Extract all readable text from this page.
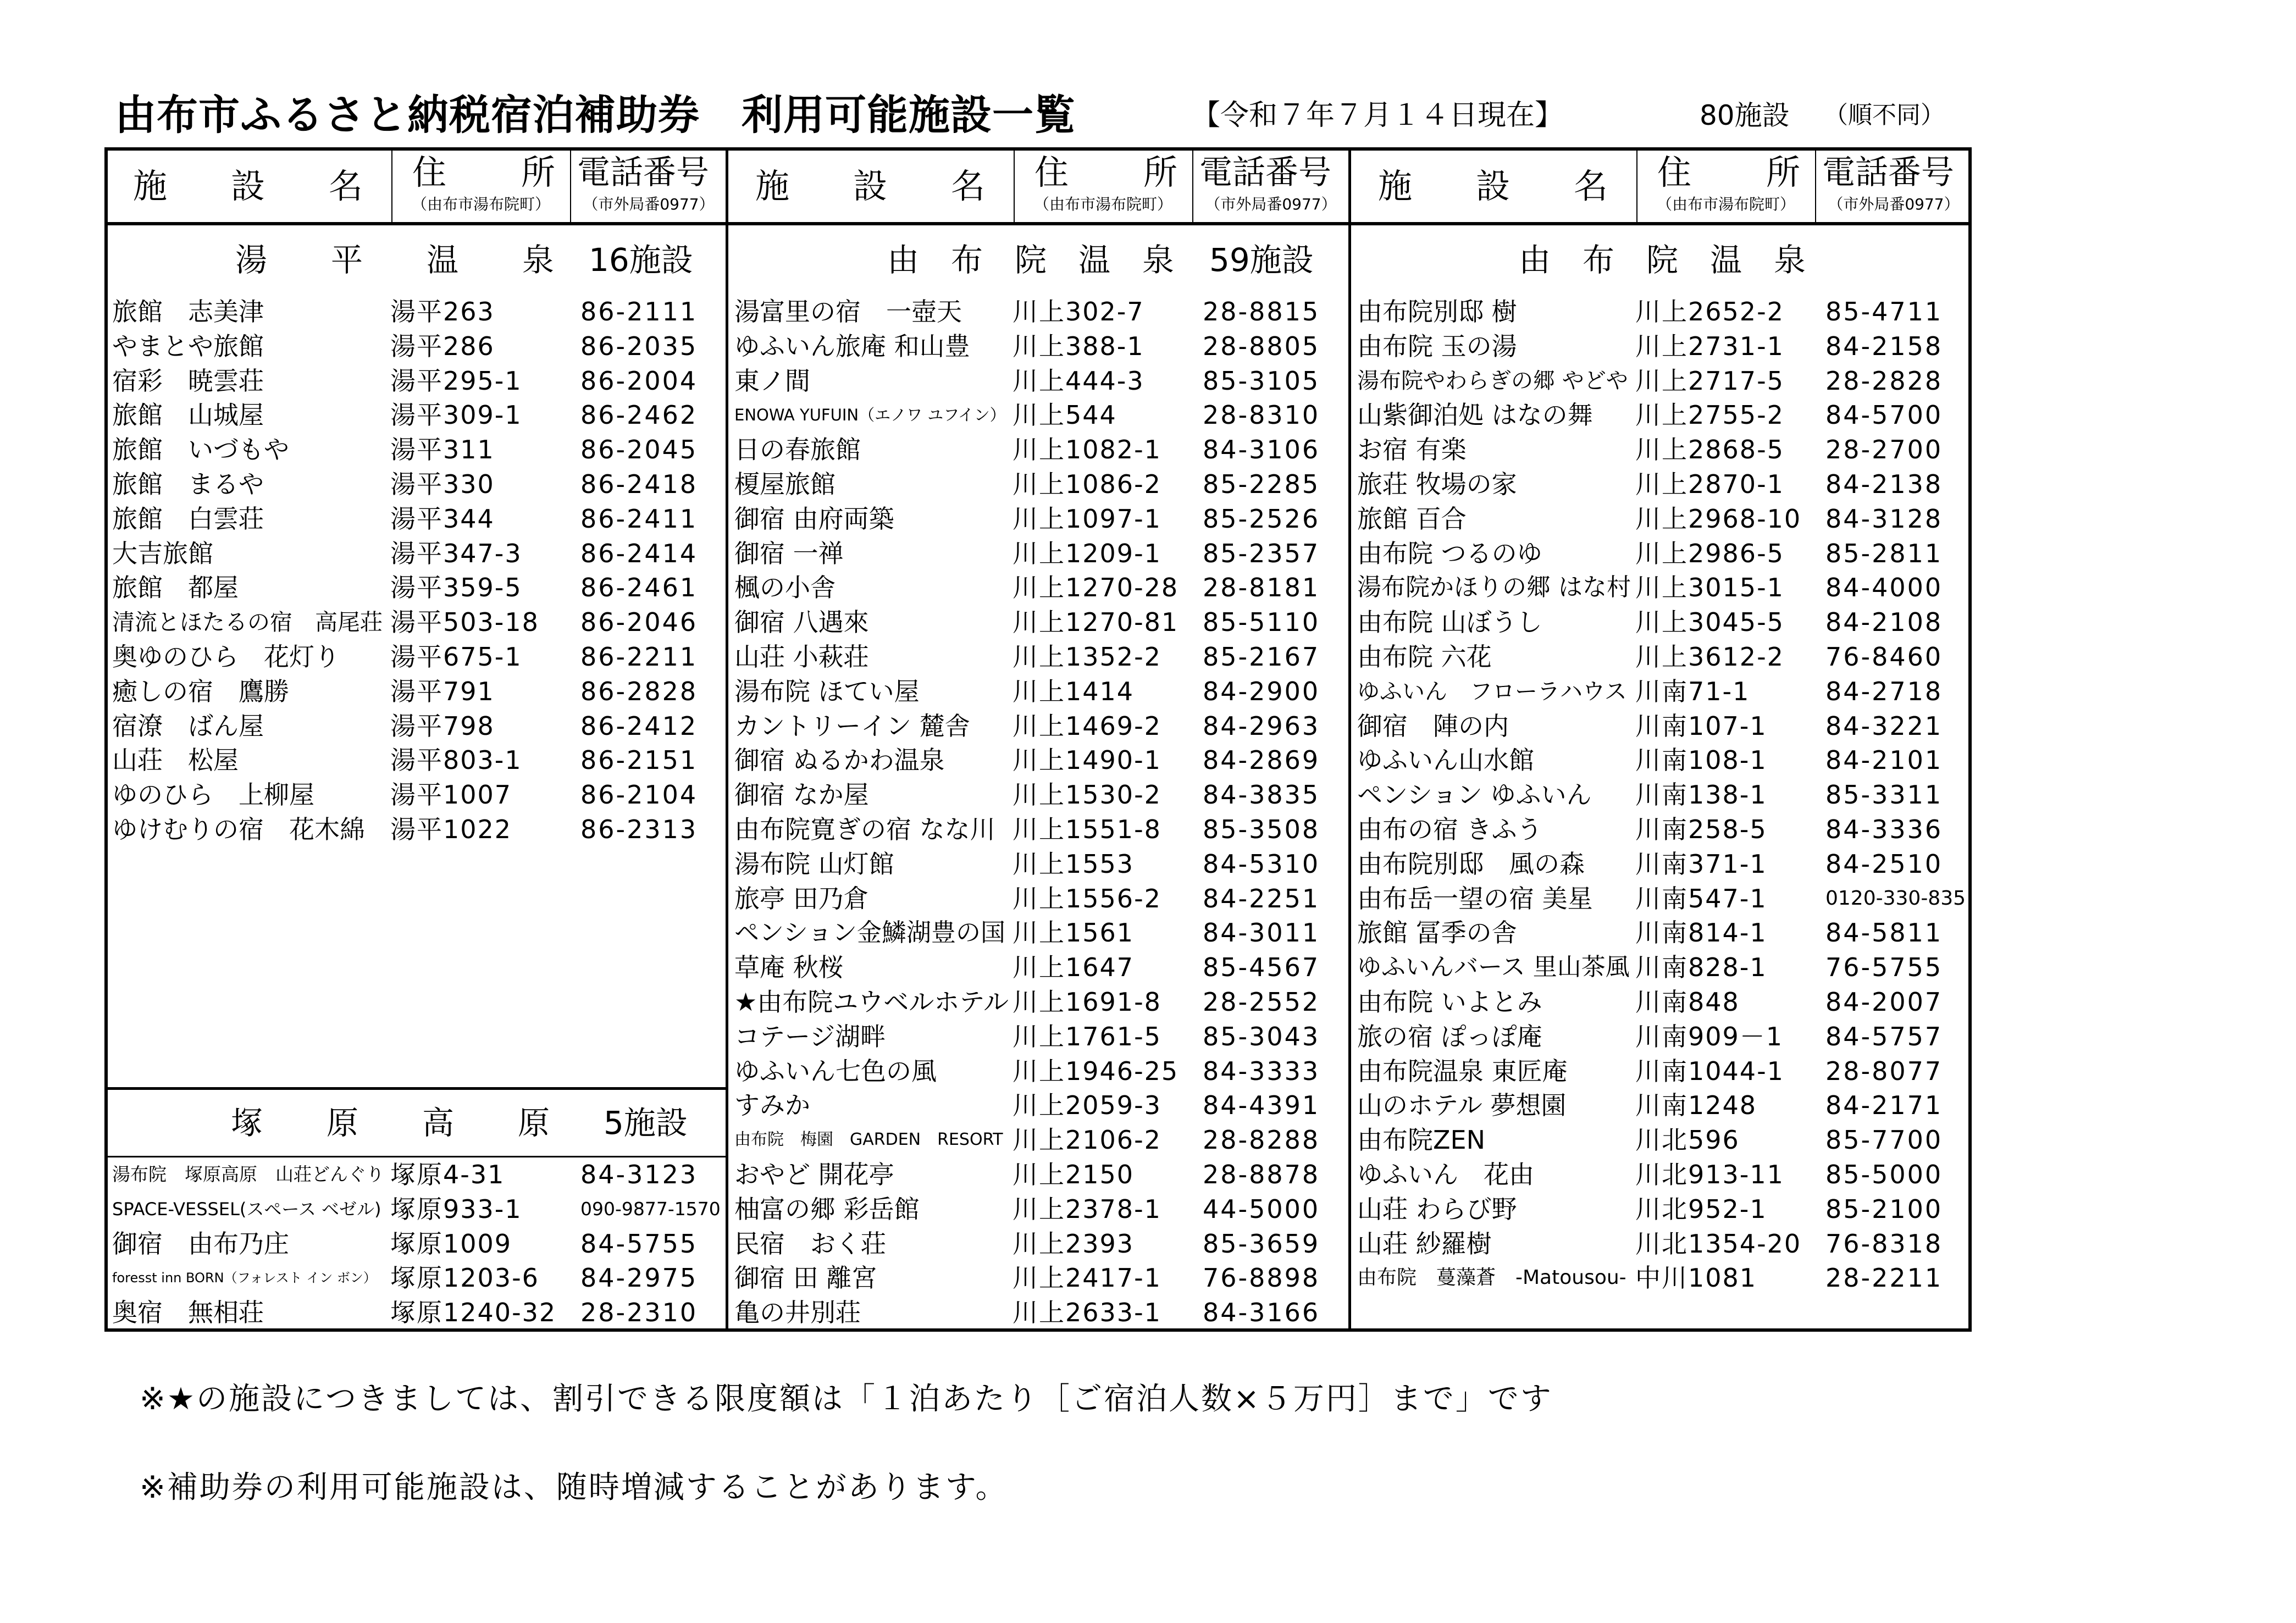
由布市ふるさと納税宿泊補助券　利用可能施設一覧	【令和７年７月１４日現在】	80施設 （順不同）
施　設　名 住　　所
（由布市湯布院町）
電話番号
（市外局番0977）
湯　　平　　温　　泉 16施設
旅館　志美津	湯平263	86-2111
やまとや旅館	湯平286	86-2035
宿彩　暁雲荘	湯平295-1	86-2004
旅館　山城屋	湯平309-1	86-2462
旅館　いづもや	湯平311	86-2045
旅館　まるや	湯平330	86-2418
旅館　白雲荘	湯平344	86-2411
大吉旅館	湯平347-3	86-2414
旅館　都屋	湯平359-5	86-2461
清流とほたるの宿　高尾荘 湯平503-18	86-2046
奥ゆのひら　花灯り	湯平675-1	86-2211
癒しの宿　鷹勝	湯平791	86-2828
宿潦　ばん屋	湯平798	86-2412
山荘　松屋	湯平803-1	86-2151
ゆのひら　上柳屋	湯平1007	86-2104
ゆけむりの宿　花木綿	湯平1022	86-2313
塚　　原　　高　　原 5施設
湯布院　塚原高原　山荘どんぐり 塚原4-31	84-3123
SPACE-VESSEL(スペース ベゼル) 塚原933-1	090-9877-1570
御宿　由布乃庄	塚原1009	84-5755
foresst inn BORN（フォレスト イン ボン） 塚原1203-6	84-2975
奥宿　無相荘	塚原1240-32 28-2310
施　設　名 住　　所
（由布市湯布院町）
電話番号
（市外局番0977）
由　布　院　温　泉 59施設
湯富里の宿　一壺天	川上302-7	28-8815
ゆふいん旅庵 和山豊	川上388-1	28-8805
東ノ間	川上444-3	85-3105
ENOWA YUFUIN（エノワ ユフイン） 川上544	28-8310
日の春旅館	川上1082-1	84-3106
榎屋旅館	川上1086-2	85-2285
御宿 由府両築	川上1097-1	85-2526
御宿 一禅	川上1209-1	85-2357
楓の小舎	川上1270-28 28-8181
御宿 八遇來	川上1270-81 85-5110
山荘 小萩荘	川上1352-2	85-2167
湯布院 ほてい屋	川上1414	84-2900
カントリーイン 麓舎	川上1469-2	84-2963
御宿 ぬるかわ温泉	川上1490-1	84-2869
御宿 なか屋	川上1530-2	84-3835
由布院寛ぎの宿 なな川 川上1551-8	85-3508
湯布院 山灯館	川上1553	84-5310
旅亭 田乃倉	川上1556-2	84-2251
ペンション金鱗湖豊の国 川上1561	84-3011
草庵 秋桜	川上1647	85-4567
★由布院ユウベルホテル 川上1691-8	28-2552
コテージ湖畔	川上1761-5	85-3043
ゆふいん七色の風	川上1946-25 84-3333
すみか	川上2059-3	84-4391
由布院　梅園　GARDEN　RESORT 川上2106-2	28-8288
おやど 開花亭	川上2150	28-8878
柚富の郷 彩岳館	川上2378-1	44-5000
民宿　おく荘	川上2393	85-3659
御宿 田 離宮	川上2417-1	76-8898
亀の井別荘	川上2633-1	84-3166
施　設　名 住　　所
（由布市湯布院町）
電話番号
（市外局番0977）
由　布　院　温　泉
由布院別邸 樹	川上2652-2	85-4711
由布院 玉の湯	川上2731-1	84-2158
湯布院やわらぎの郷 やどや 川上2717-5	28-2828
山紫御泊処 はなの舞	川上2755-2	84-5700
お宿 有楽	川上2868-5	28-2700
旅荘 牧場の家	川上2870-1	84-2138
旅館 百合	川上2968-10 84-3128
由布院 つるのゆ	川上2986-5	85-2811
湯布院かほりの郷 はな村 川上3015-1	84-4000
由布院 山ぼうし	川上3045-5	84-2108
由布院 六花	川上3612-2	76-8460
ゆふいん　フローラハウス 川南71-1	84-2718
御宿　陣の内	川南107-1	84-3221
ゆふいん山水館	川南108-1	84-2101
ペンション ゆふいん	川南138-1	85-3311
由布の宿 きふう	川南258-5	84-3336
由布院別邸　風の森	川南371-1	84-2510
由布岳一望の宿 美星	川南547-1	0120-330-835
旅館 冨季の舎	川南814-1	84-5811
ゆふいんバース 里山茶風 川南828-1	76-5755
由布院 いよとみ	川南848	84-2007
旅の宿 ぽっぽ庵	川南909－1	84-5757
由布院温泉 東匠庵	川南1044-1	28-8077
山のホテル 夢想園	川南1248	84-2171
由布院ZEN	川北596	85-7700
ゆふいん　花由	川北913-11	85-5000
山荘 わらび野	川北952-1	85-2100
山荘 紗羅樹	川北1354-20 76-8318
由布院　蔓藻蒼　-Matousou- 中川1081	28-2211
※★の施設につきましては、割引できる限度額は「１泊あたり［ご宿泊人数×５万円］まで」です
※補助券の利用可能施設は、随時増減することがあります。
